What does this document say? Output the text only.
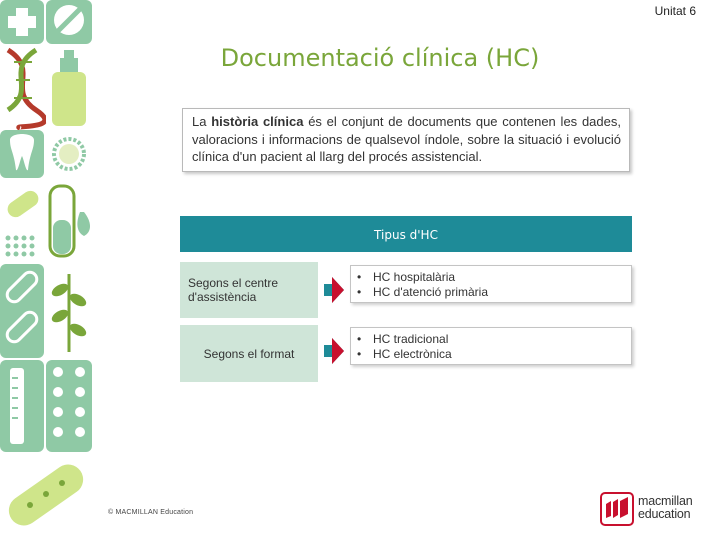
Unitat 6
Documentació clínica (HC)
La història clínica és el conjunt de documents que contenen les dades, valoracions i informacions de qualsevol índole, sobre la situació i evolució clínica d'un pacient al llarg del procés assistencial.
Tipus d'HC
Segons el centre d'assistència
• HC hospitalària
• HC d'atenció primària
Segons el format
• HC tradicional
• HC electrònica
© MACMILLAN Education
macmillan
education
